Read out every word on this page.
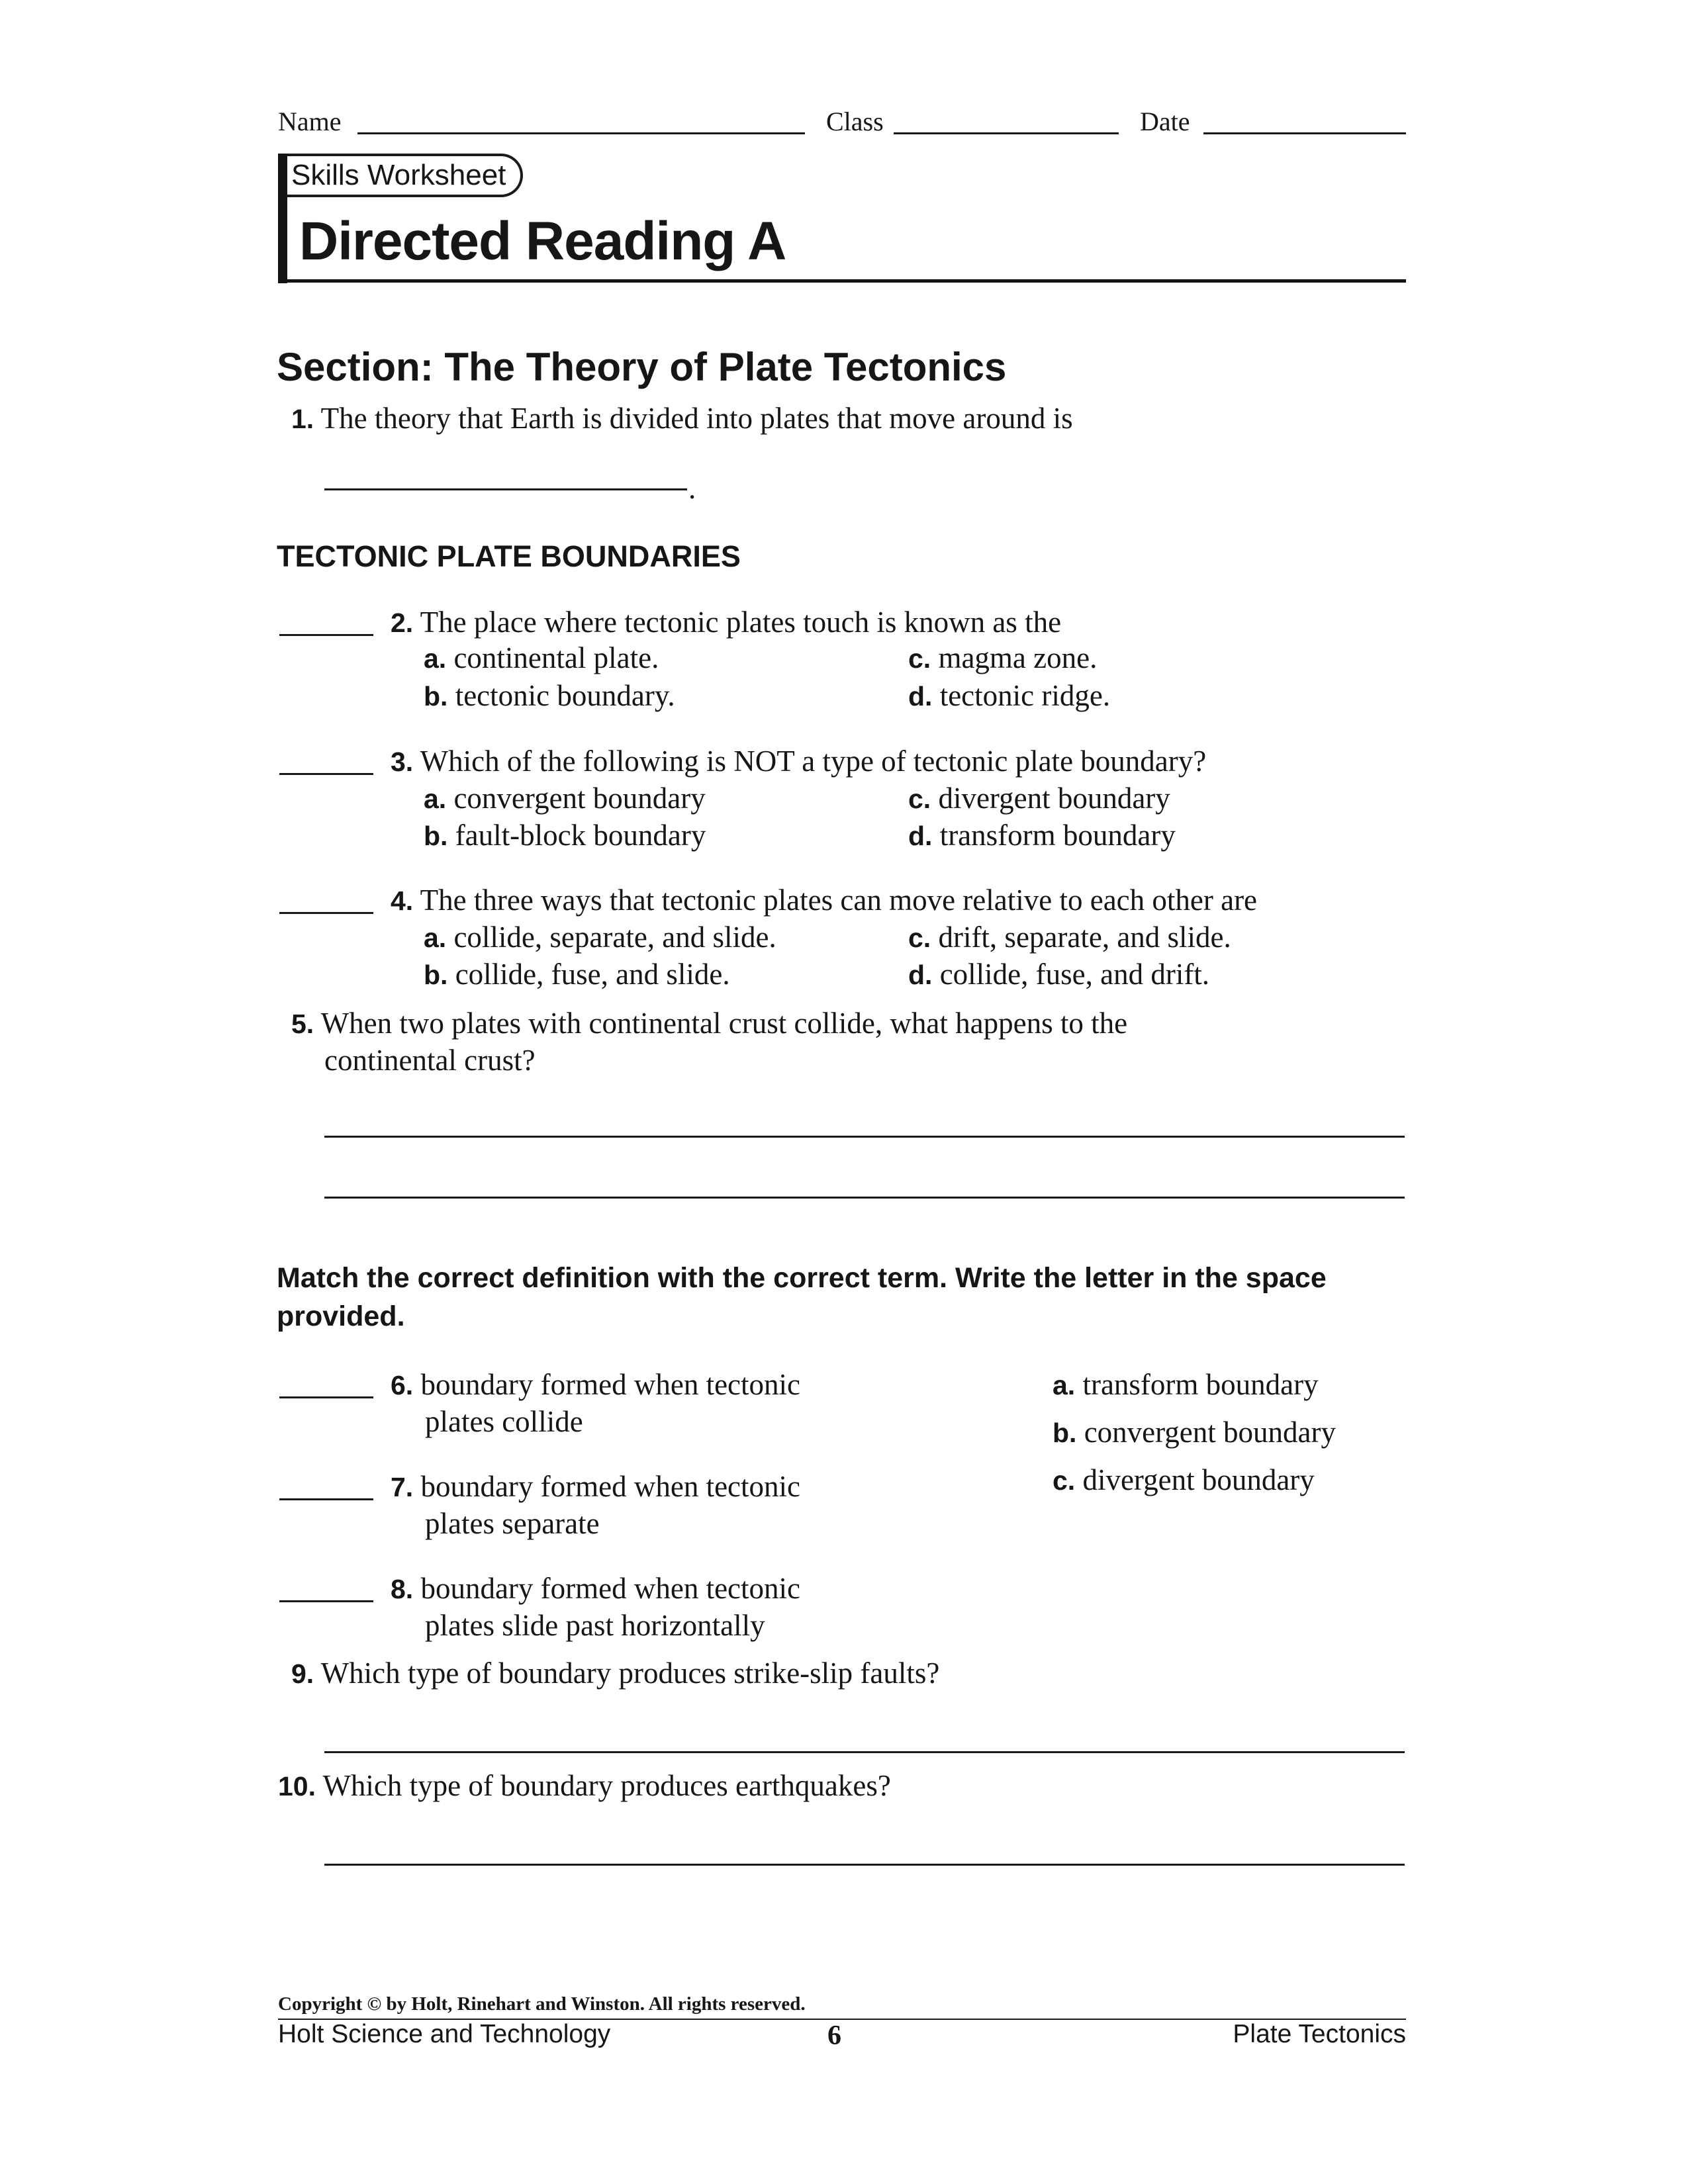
Name	Class	Date
Skills Worksheet
Directed Reading A
Section: The Theory of Plate Tectonics
1. The theory that Earth is divided into plates that move around is
.
TECTONIC PLATE BOUNDARIES
2. The place where tectonic plates touch is known as the
a. continental plate.
b. tectonic boundary.
c. magma zone.
d. tectonic ridge.
3. Which of the following is NOT a type of tectonic plate boundary?
a. convergent boundary
b. fault-block boundary
c. divergent boundary
d. transform boundary
4. The three ways that tectonic plates can move relative to each other are
a. collide, separate, and slide.
b. collide, fuse, and slide.
c. drift, separate, and slide.
d. collide, fuse, and drift.
5. When two plates with continental crust collide, what happens to the
continental crust?
Match the correct definition with the correct term. Write the letter in the space provided.
6. boundary formed when tectonic
plates collide
7. boundary formed when tectonic
plates separate
8. boundary formed when tectonic
plates slide past horizontally
a. transform boundary
b. convergent boundary
c. divergent boundary
9. Which type of boundary produces strike-slip faults?
10. Which type of boundary produces earthquakes?
Copyright © by Holt, Rinehart and Winston. All rights reserved.
Holt Science and Technology	6	Plate Tectonics
